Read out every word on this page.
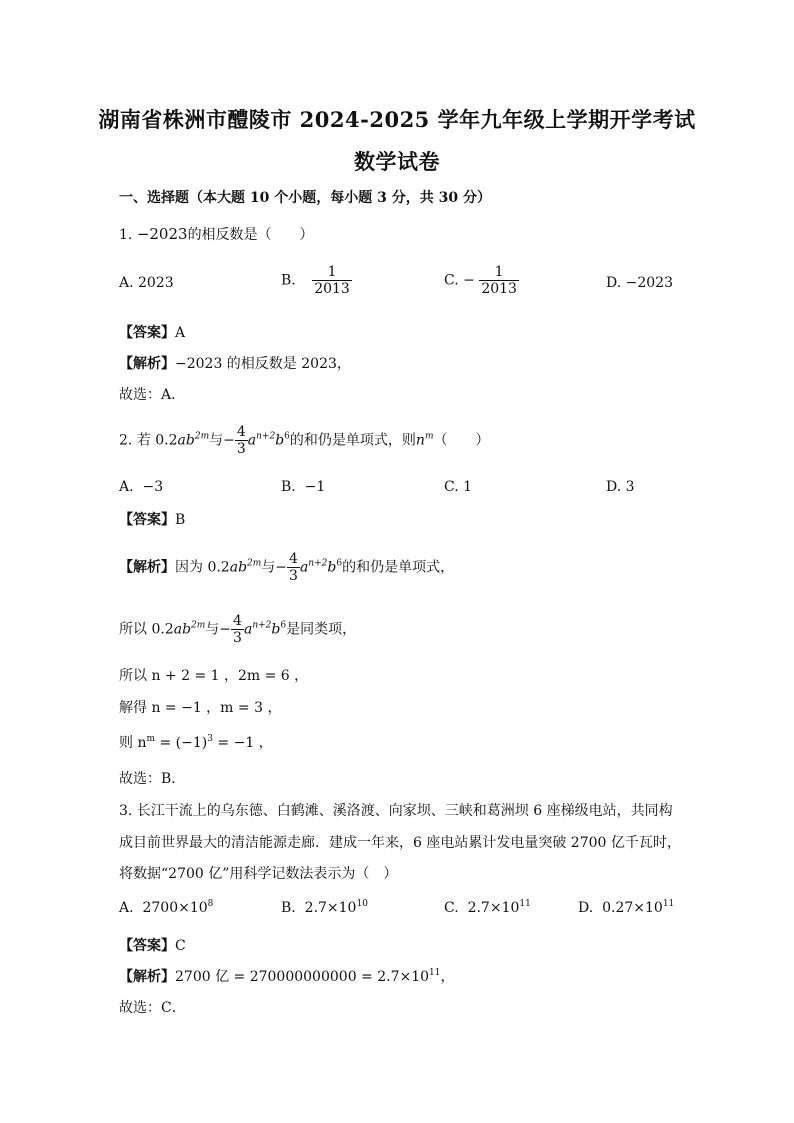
湖南省株洲市醴陵市 2024-2025 学年九年级上学期开学考试
数学试卷
一、选择题（本大题 10 个小题，每小题 3 分，共 30 分）
1. −2023的相反数是（　　）
A. 2023	B. $\frac{1}{2013}$	C. − $\frac{1}{2013}$	D. −2023
【答案】A
【解析】−2023 的相反数是 2023，
故选：A．
2. 若 $0.2ab^{2m}$与− $\frac{4}{3} a^{n+2}b^6$的和仍是单项式，则$n^m$（　　）
A. −3	B. −1	C. 1	D. 3
【答案】B
【解析】因为 $0.2ab^{2m}$与− $\frac{4}{3} a^{n+2}b^6$的和仍是单项式，
所以 $0.2ab^{2m}$与− $\frac{4}{3} a^{n+2}b^6$是同类项，
所以 n + 2 = 1 ，2m = 6 ，
解得 n = −1 ，m = 3 ，
则 $n^m = (-1)^3 = -1$ ，
故选：B．
3. 长江干流上的乌东德、白鹤滩、溪洛渡、向家坝、三峡和葛洲坝 6 座梯级电站，共同构
成目前世界最大的清洁能源走廊．建成一年来，6 座电站累计发电量突破 2700 亿千瓦时，
将数据“2700 亿”用科学记数法表示为（　）
A. $2700\times 10^8$	B. $2.7\times 10^{10}$	C. $2.7\times 10^{11}$	D. $0.27\times 10^{11}$
【答案】C
【解析】2700 亿 = $270000000000 = 2.7\times 10^{11}$，
故选：C．
